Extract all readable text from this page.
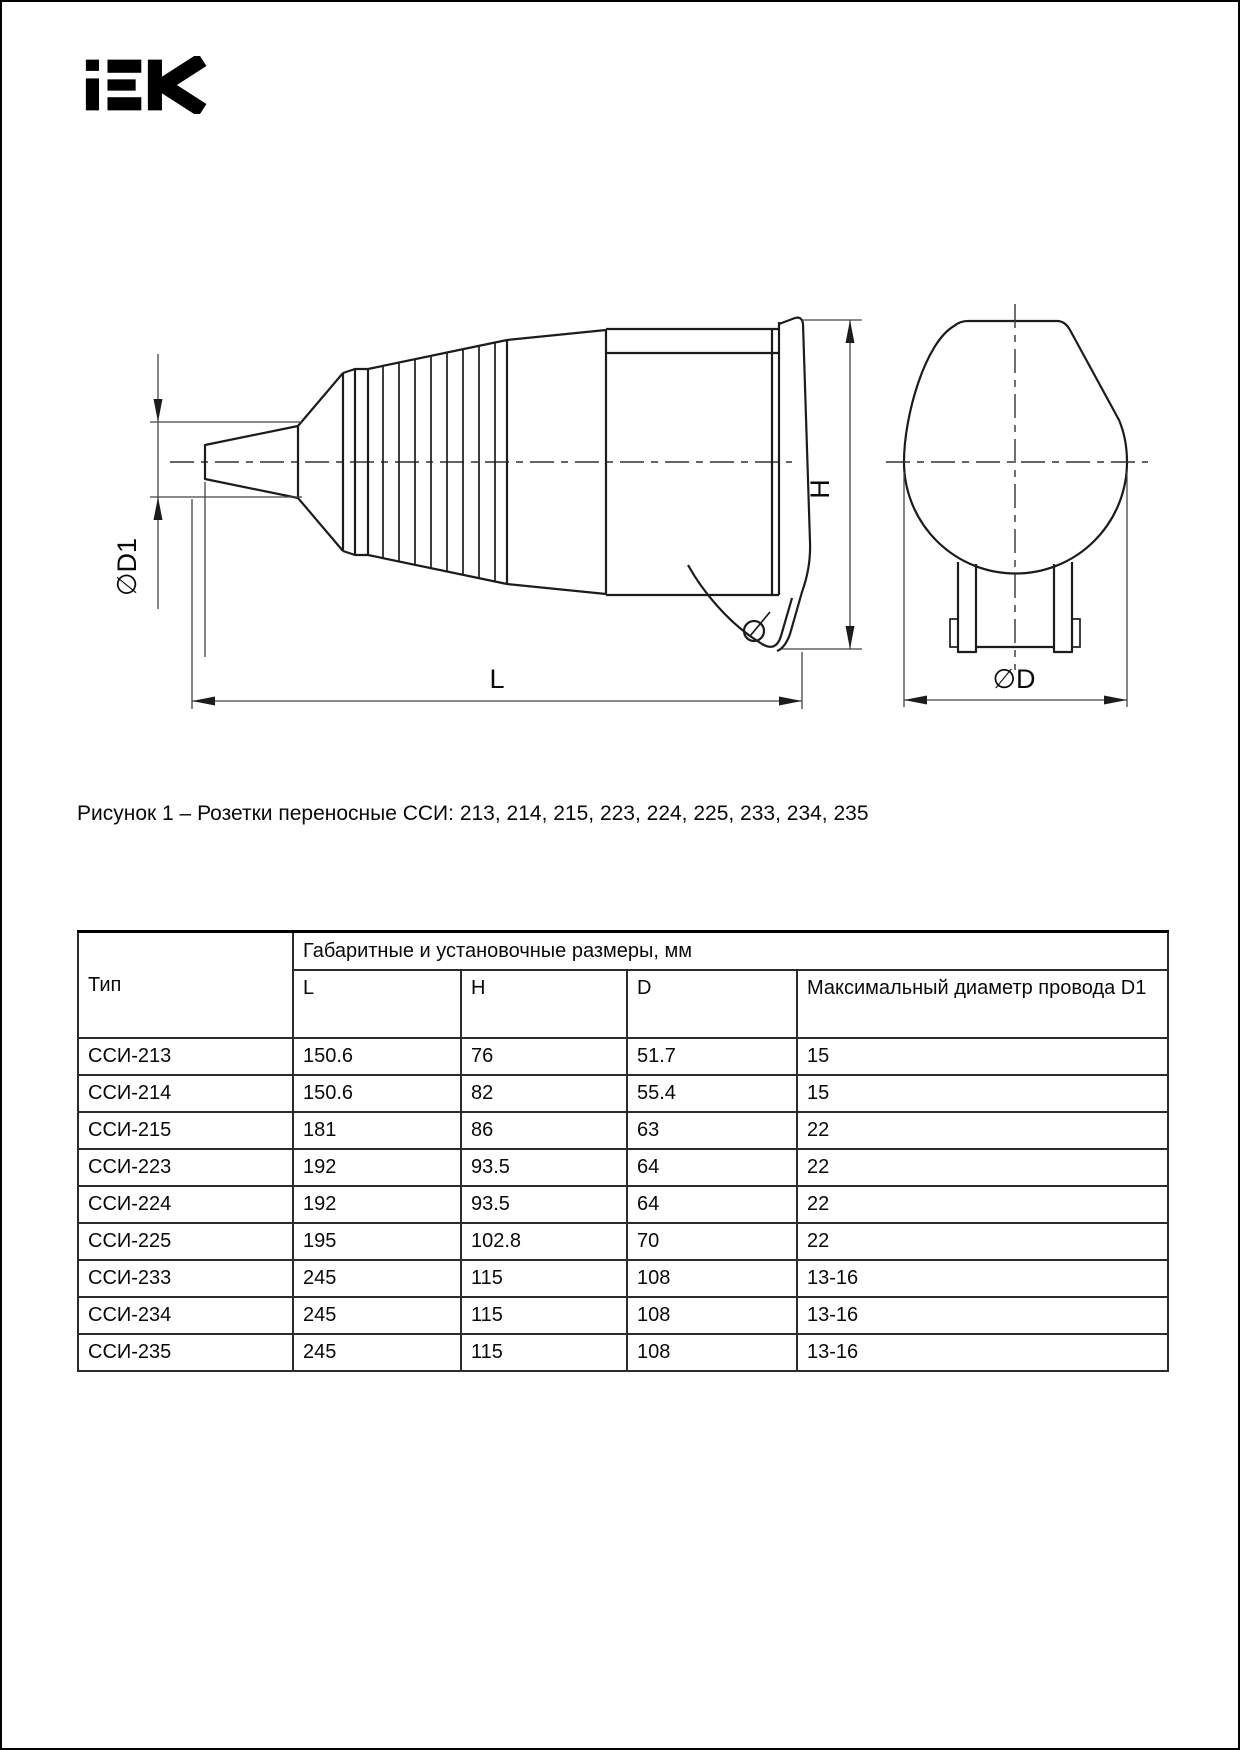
∅D1
H
L	∅D
Рисунок 1 – Розетки переносные ССИ: 213, 214, 215, 223, 224, 225, 233, 234, 235
Тип	Габаритные и установочные размеры, мм			
	L	H	D	Максимальный диаметр провода D1
ССИ-213	150.6	76	51.7	15
ССИ-214	150.6	82	55.4	15
ССИ-215	181	86	63	22
ССИ-223	192	93.5	64	22
ССИ-224	192	93.5	64	22
ССИ-225	195	102.8	70	22
ССИ-233	245	115	108	13-16
ССИ-234	245	115	108	13-16
ССИ-235	245	115	108	13-16
